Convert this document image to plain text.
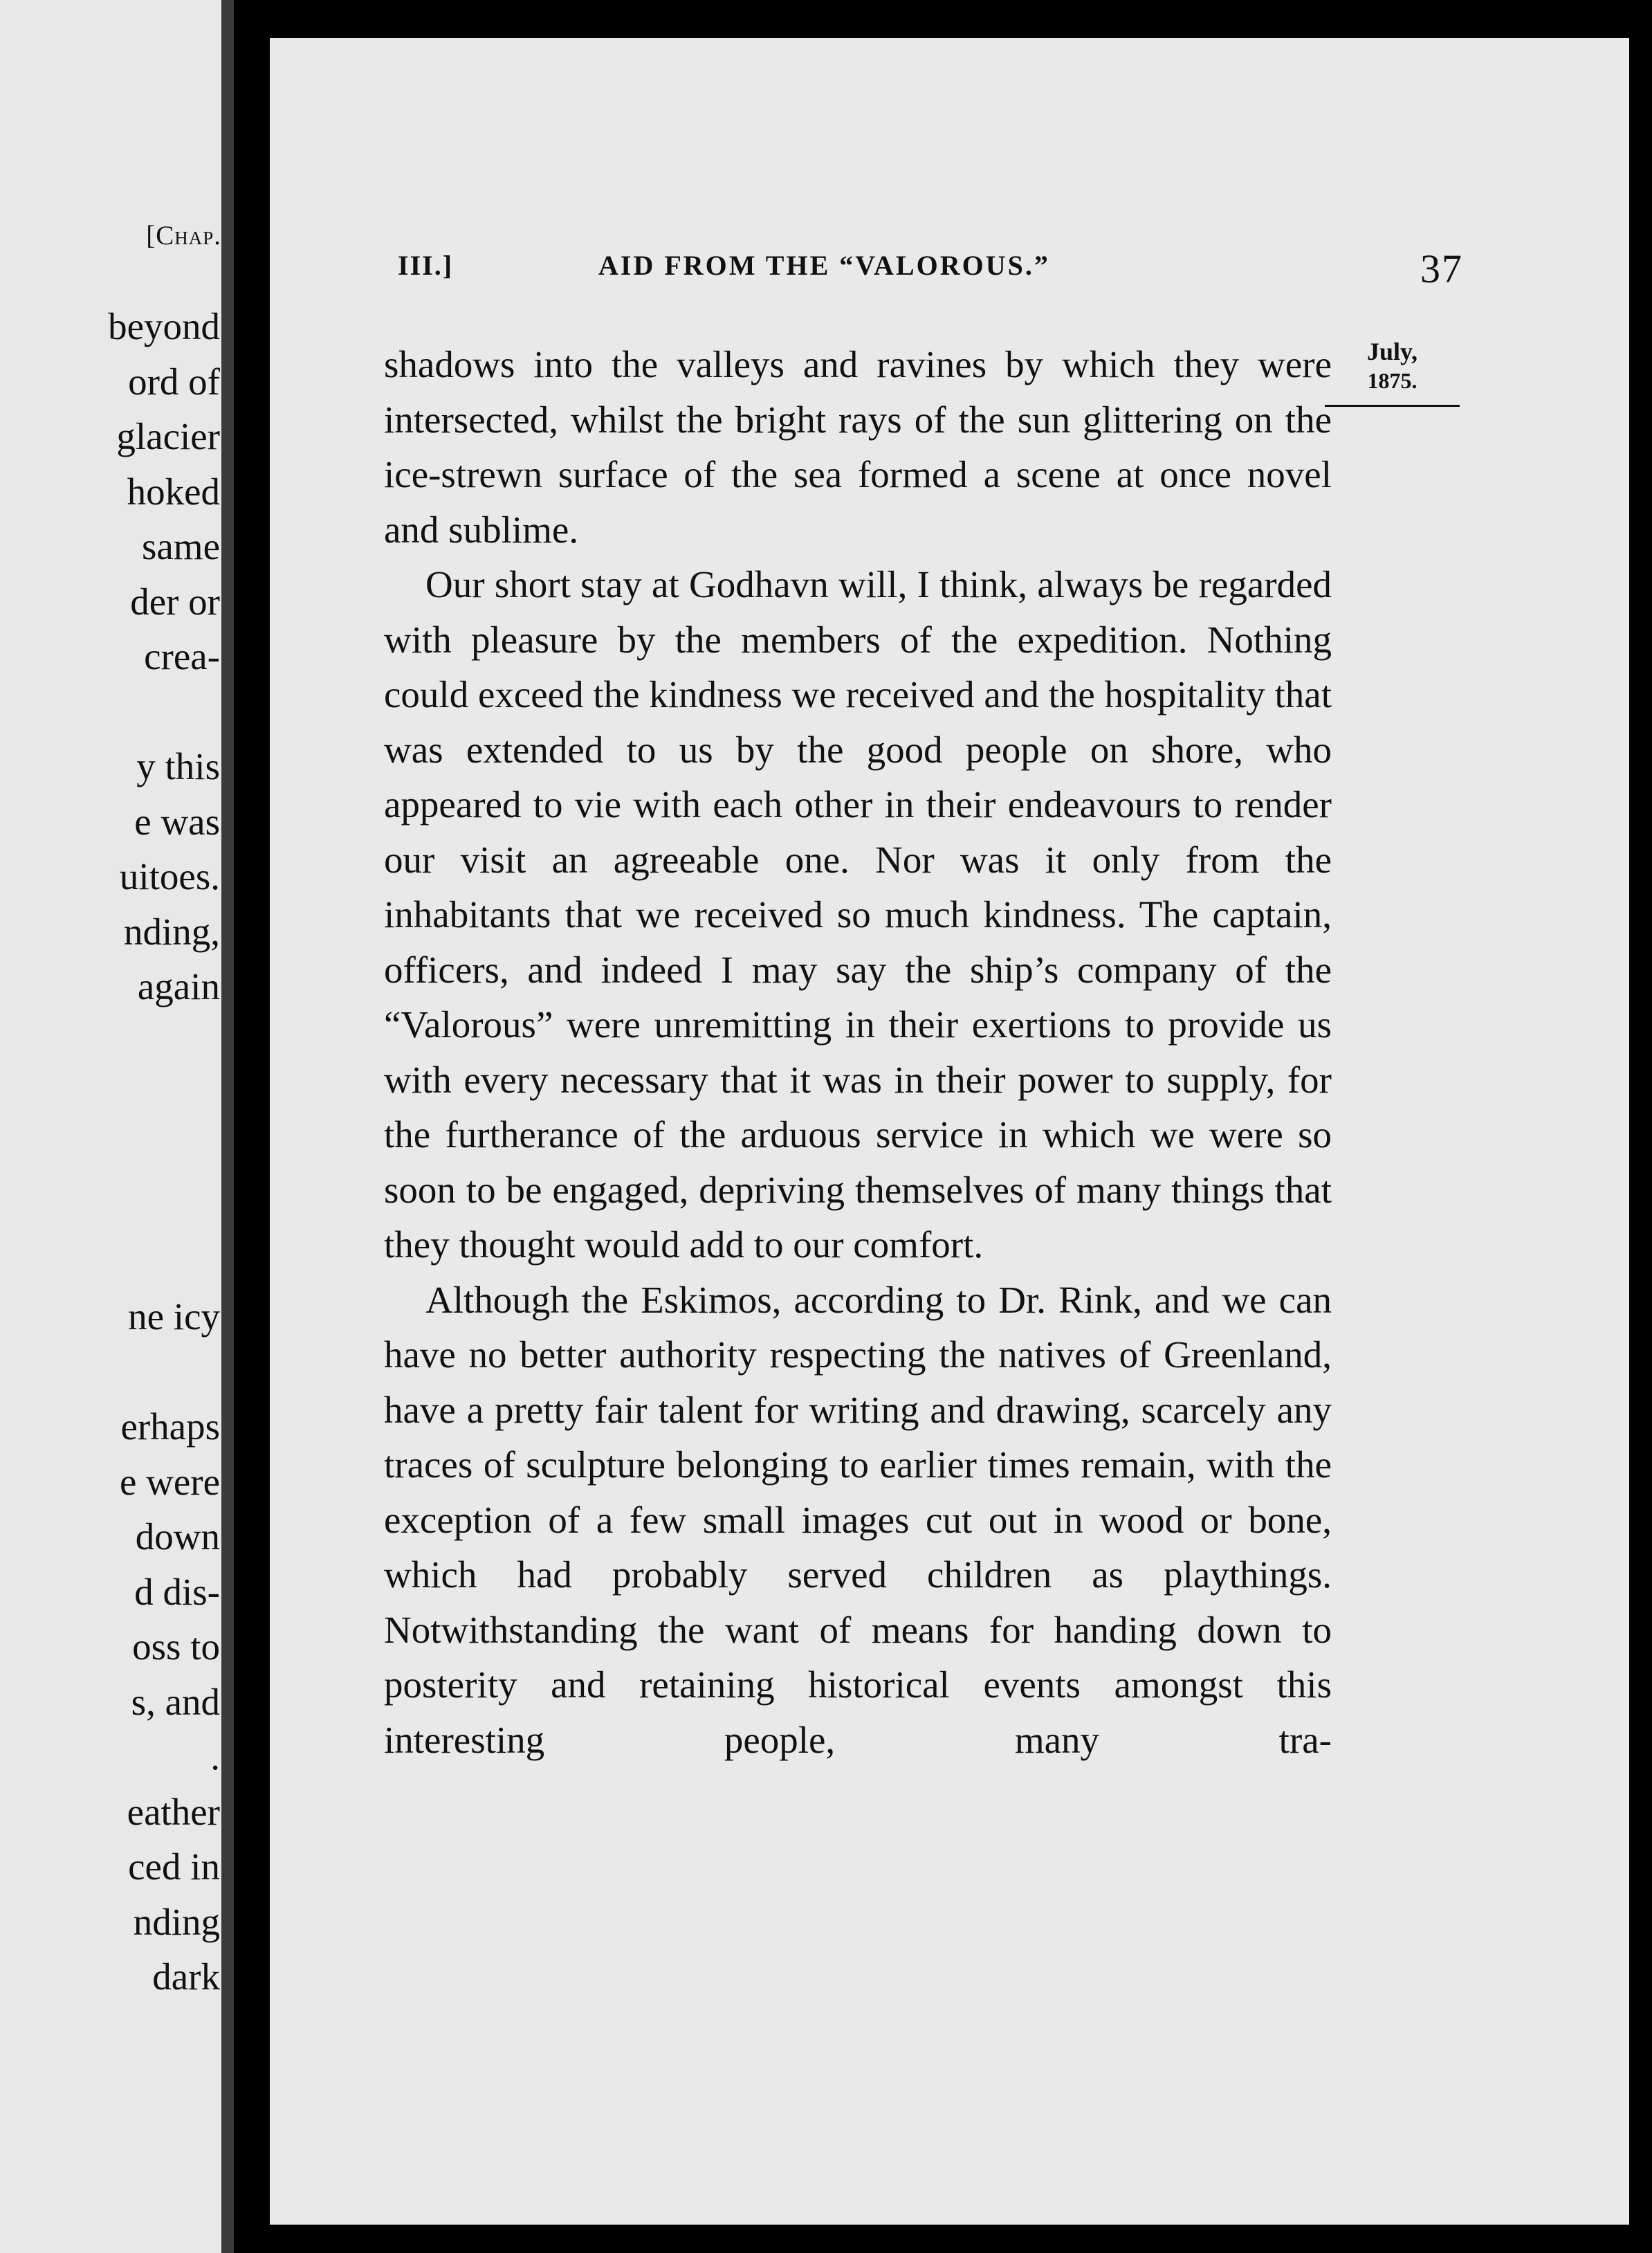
[Chap.
beyond
ord of
glacier
hoked
same
der or
crea-
y this
e was
uitoes.
nding,
again
ne icy
erhaps
e were
down
d dis-
oss to
s, and
.
eather
ced in
nding
dark
III.]	AID FROM THE “VALOROUS.”	37
July,
1875.

shadows into the valleys and ravines by which they were intersected, whilst the bright rays of the sun glittering on the ice-strewn surface of the sea formed a scene at once novel and sublime.

Our short stay at Godhavn will, I think, always be regarded with pleasure by the members of the expedition. Nothing could exceed the kindness we received and the hospitality that was extended to us by the good people on shore, who appeared to vie with each other in their endeavours to render our visit an agreeable one. Nor was it only from the inhabitants that we received so much kindness. The captain, officers, and indeed I may say the ship’s company of the “Valorous” were unremitting in their exertions to provide us with every necessary that it was in their power to supply, for the furtherance of the arduous service in which we were so soon to be engaged, depriving themselves of many things that they thought would add to our comfort.

Although the Eskimos, according to Dr. Rink, and we can have no better authority respecting the natives of Greenland, have a pretty fair talent for writing and drawing, scarcely any traces of sculpture belonging to earlier times remain, with the exception of a few small images cut out in wood or bone, which had probably served children as playthings. Notwithstanding the want of means for handing down to posterity and retaining historical events amongst this interesting people, many tra-
